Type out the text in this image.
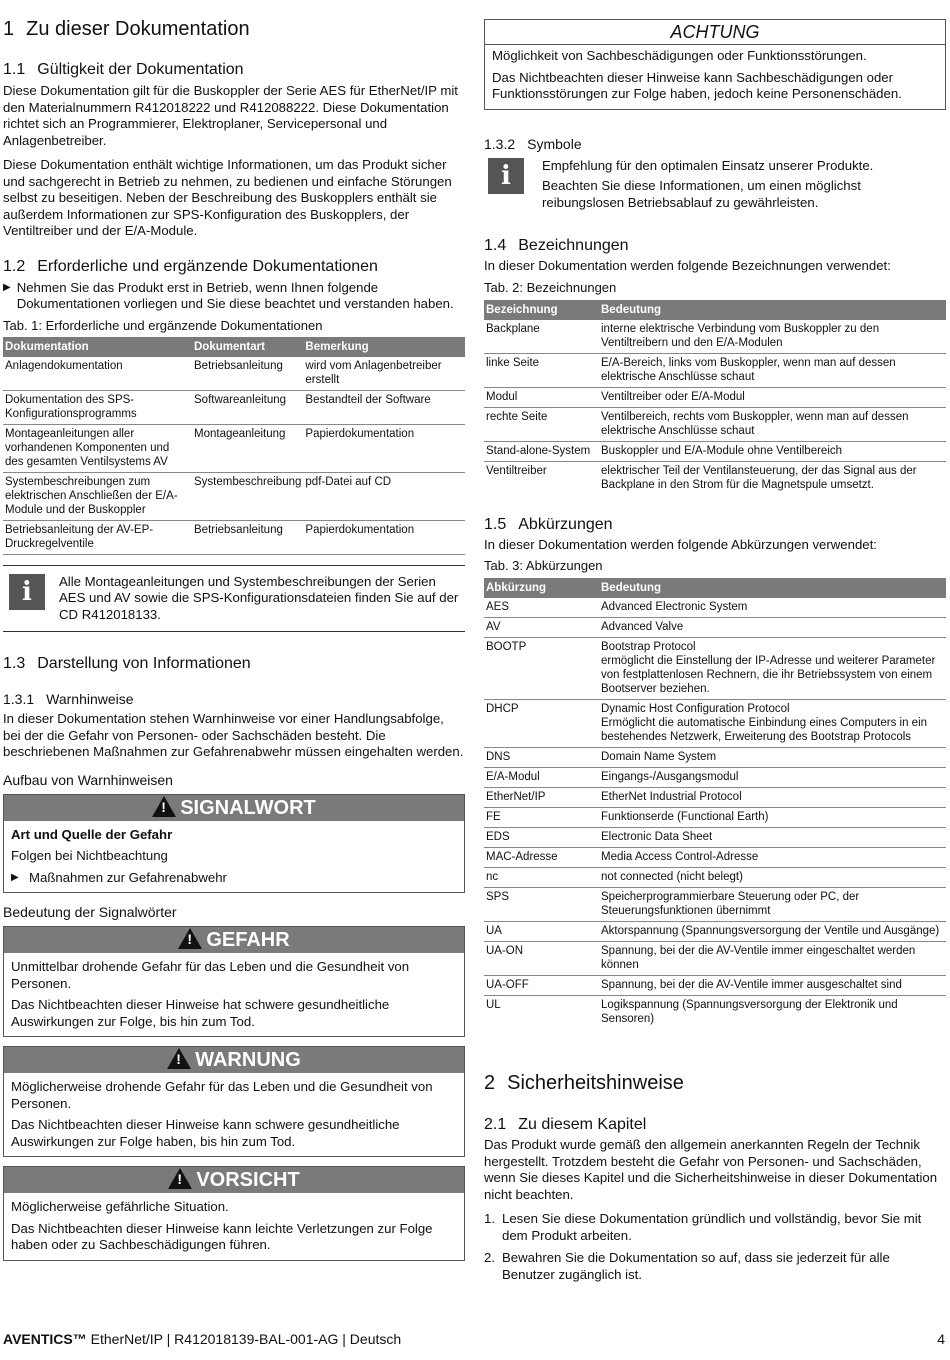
1 Zu dieser Dokumentation
1.1 Gültigkeit der Dokumentation

Diese Dokumentation gilt für die Buskoppler der Serie AES für EtherNet/IP mit den Materialnummern R412018222 und R412088222. Diese Dokumentation richtet sich an Programmierer, Elektroplaner, Servicepersonal und Anlagenbetreiber.

Diese Dokumentation enthält wichtige Informationen, um das Produkt sicher und sachgerecht in Betrieb zu nehmen, zu bedienen und einfache Störungen selbst zu beseitigen. Neben der Beschreibung des Buskopplers enthält sie außerdem Informationen zur SPS-Konfiguration des Buskopplers, der Ventiltreiber und der E/A-Module.

1.2 Erforderliche und ergänzende Dokumentationen
▶ Nehmen Sie das Produkt erst in Betrieb, wenn Ihnen folgende Dokumentationen vorliegen und Sie diese beachtet und verstanden haben.

Tab. 1: Erforderliche und ergänzende Dokumentationen

Dokumentation	Dokumentart	Bemerkung
Anlagendokumentation	Betriebsanleitung	wird vom Anlagenbetreiber erstellt
Dokumentation des SPS-Konfigurationsprogramms	Softwareanleitung	Bestandteil der Software
Montageanleitungen aller vorhandenen Komponenten und des gesamten Ventilsystems AV	Montageanleitung	Papierdokumentation
Systembeschreibungen zum elektrischen Anschließen der E/A-Module und der Buskoppler	Systembeschreibung	pdf-Datei auf CD
Betriebsanleitung der AV-EP-Druckregelventile	Betriebsanleitung	Papierdokumentation
i	Alle Montageanleitungen und Systembeschreibungen der Serien AES und AV sowie die SPS-Konfigurationsdateien finden Sie auf der CD R412018133.

1.3 Darstellung von Informationen
1.3.1 Warnhinweise

In dieser Dokumentation stehen Warnhinweise vor einer Handlungsabfolge, bei der die Gefahr von Personen- oder Sachschäden besteht. Die beschriebenen Maßnahmen zur Gefahrenabwehr müssen eingehalten werden.

Aufbau von Warnhinweisen

! SIGNALWORT

Art und Quelle der Gefahr

Folgen bei Nichtbeachtung

▶ Maßnahmen zur Gefahrenabwehr

Bedeutung der Signalwörter

! GEFAHR

Unmittelbar drohende Gefahr für das Leben und die Gesundheit von Personen.

Das Nichtbeachten dieser Hinweise hat schwere gesundheitliche Auswirkungen zur Folge, bis hin zum Tod.

! WARNUNG

Möglicherweise drohende Gefahr für das Leben und die Gesundheit von Personen.

Das Nichtbeachten dieser Hinweise kann schwere gesundheitliche Auswirkungen zur Folge haben, bis hin zum Tod.

! VORSICHT

Möglicherweise gefährliche Situation.

Das Nichtbeachten dieser Hinweise kann leichte Verletzungen zur Folge haben oder zu Sachbeschädigungen führen.

ACHTUNG

Möglichkeit von Sachbeschädigungen oder Funktionsstörungen.

Das Nichtbeachten dieser Hinweise kann Sachbeschädigungen oder Funktionsstörungen zur Folge haben, jedoch keine Personenschäden.

1.3.2 Symbole
i	Empfehlung für den optimalen Einsatz unserer Produkte.

Beachten Sie diese Informationen, um einen möglichst reibungslosen Betriebsablauf zu gewährleisten.

1.4 Bezeichnungen

In dieser Dokumentation werden folgende Bezeichnungen verwendet:

Tab. 2: Bezeichnungen

Bezeichnung	Bedeutung
Backplane	interne elektrische Verbindung vom Buskoppler zu den Ventiltreibern und den E/A-Modulen
linke Seite	E/A-Bereich, links vom Buskoppler, wenn man auf dessen elektrische Anschlüsse schaut
Modul	Ventiltreiber oder E/A-Modul
rechte Seite	Ventilbereich, rechts vom Buskoppler, wenn man auf dessen elektrische Anschlüsse schaut
Stand-alone-System	Buskoppler und E/A-Module ohne Ventilbereich
Ventiltreiber	elektrischer Teil der Ventilansteuerung, der das Signal aus der Backplane in den Strom für die Magnetspule umsetzt.
1.5 Abkürzungen

In dieser Dokumentation werden folgende Abkürzungen verwendet:

Tab. 3: Abkürzungen

Abkürzung	Bedeutung
AES	Advanced Electronic System
AV	Advanced Valve
BOOTP	Bootstrap Protocol
ermöglicht die Einstellung der IP-Adresse und weiterer Parameter von festplattenlosen Rechnern, die ihr Betriebssystem von einem Bootserver beziehen.
DHCP	Dynamic Host Configuration Protocol
Ermöglicht die automatische Einbindung eines Computers in ein bestehendes Netzwerk, Erweiterung des Bootstrap Protocols
DNS	Domain Name System
E/A-Modul	Eingangs-/Ausgangsmodul
EtherNet/IP	EtherNet Industrial Protocol
FE	Funktionserde (Functional Earth)
EDS	Electronic Data Sheet
MAC-Adresse	Media Access Control-Adresse
nc	not connected (nicht belegt)
SPS	Speicherprogrammierbare Steuerung oder PC, der Steuerungsfunktionen übernimmt
UA	Aktorspannung (Spannungsversorgung der Ventile und Ausgänge)
UA-ON	Spannung, bei der die AV-Ventile immer eingeschaltet werden können
UA-OFF	Spannung, bei der die AV-Ventile immer ausgeschaltet sind
UL	Logikspannung (Spannungsversorgung der Elektronik und Sensoren)
2 Sicherheitshinweise
2.1 Zu diesem Kapitel

Das Produkt wurde gemäß den allgemein anerkannten Regeln der Technik hergestellt. Trotzdem besteht die Gefahr von Personen- und Sachschäden, wenn Sie dieses Kapitel und die Sicherheitshinweise in dieser Dokumentation nicht beachten.

1. Lesen Sie diese Dokumentation gründlich und vollständig, bevor Sie mit dem Produkt arbeiten.
2. Bewahren Sie die Dokumentation so auf, dass sie jederzeit für alle Benutzer zugänglich ist.
AVENTICS™ EtherNet/IP | R412018139-BAL-001-AG | Deutsch	4
